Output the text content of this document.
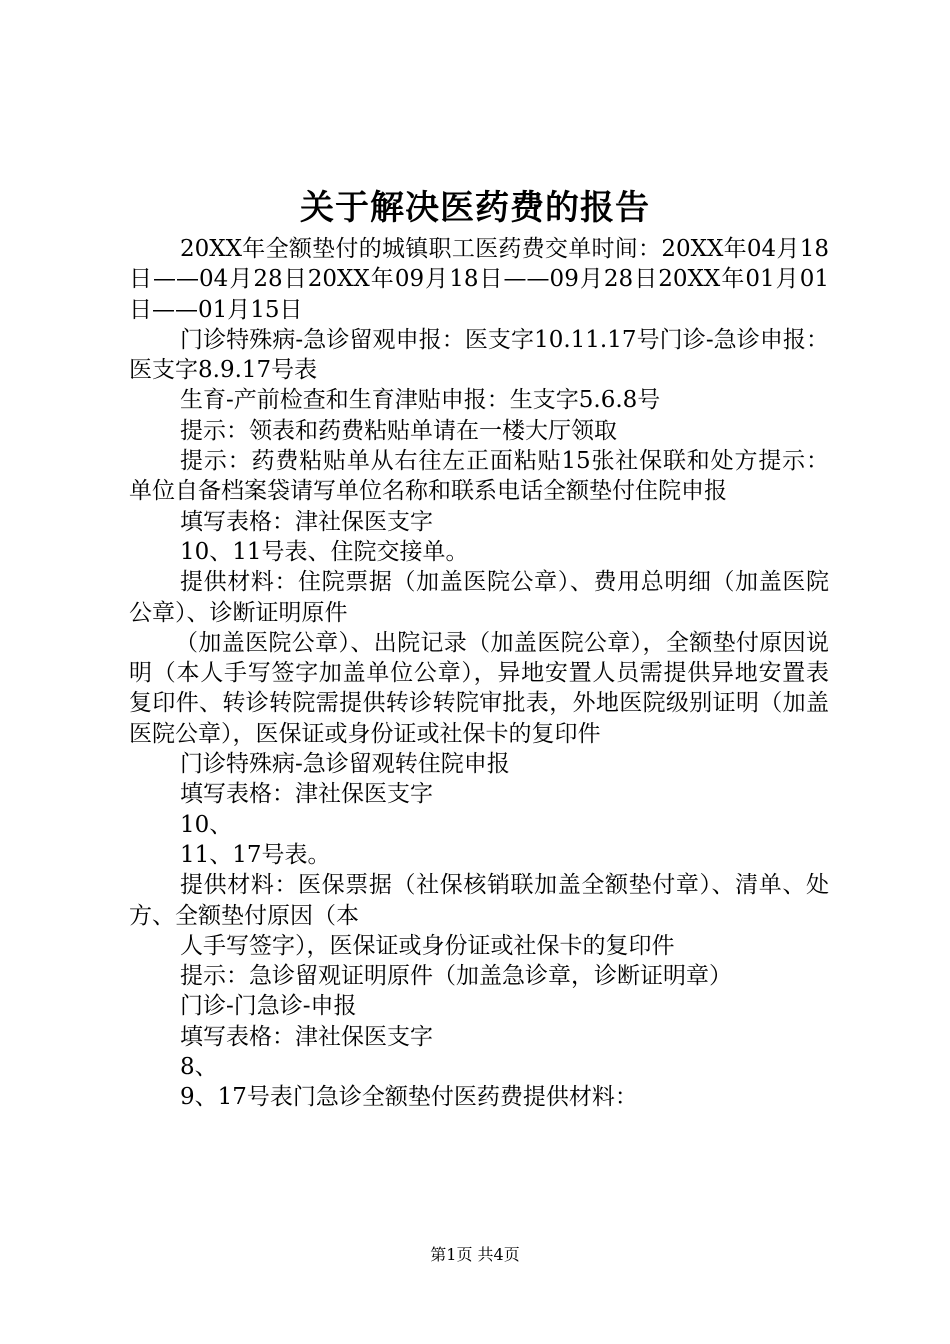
关于解决医药费的报告

20XX年全额垫付的城镇职工医药费交单时间：20XX年04月18日——04月28日20XX年09月18日——09月28日20XX年01月01日——01月15日

门诊特殊病-急诊留观申报：医支字10.11.17号门诊-急诊申报：医支字8.9.17号表

生育-产前检查和生育津贴申报：生支字5.6.8号

提示：领表和药费粘贴单请在一楼大厅领取

提示：药费粘贴单从右往左正面粘贴15张社保联和处方提示：单位自备档案袋请写单位名称和联系电话全额垫付住院申报

填写表格：津社保医支字

10、11号表、住院交接单。

提供材料：住院票据（加盖医院公章）、费用总明细（加盖医院公章）、诊断证明原件

（加盖医院公章）、出院记录（加盖医院公章），全额垫付原因说明（本人手写签字加盖单位公章），异地安置人员需提供异地安置表复印件、转诊转院需提供转诊转院审批表，外地医院级别证明（加盖医院公章），医保证或身份证或社保卡的复印件

门诊特殊病-急诊留观转住院申报

填写表格：津社保医支字

10、

11、17号表。

提供材料：医保票据（社保核销联加盖全额垫付章）、清单、处方、全额垫付原因（本

人手写签字），医保证或身份证或社保卡的复印件

提示：急诊留观证明原件（加盖急诊章，诊断证明章）

门诊-门急诊-申报

填写表格：津社保医支字

8、

9、17号表门急诊全额垫付医药费提供材料：

第1页 共4页
